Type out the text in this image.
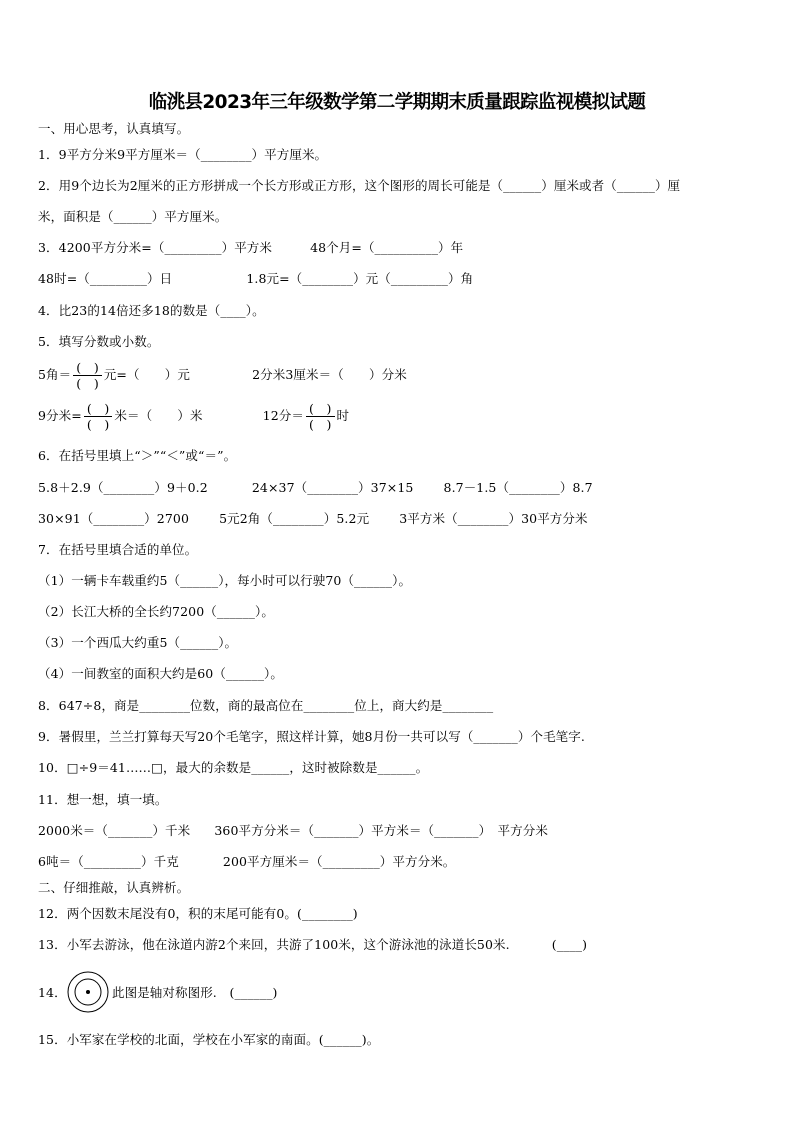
临洮县2023年三年级数学第二学期期末质量跟踪监视模拟试题
一、用心思考，认真填写。
1．9平方分米9平方厘米＝（________）平方厘米。
2．用9个边长为2厘米的正方形拼成一个长方形或正方形，这个图形的周长可能是（______）厘米或者（______）厘
米，面积是（______）平方厘米。
3．4200平方分米=（_________）平方米	48个月=（__________）年
48时=（_________）日	1.8元=（________）元（_________）角
4．比23的14倍还多18的数是（____）。
5．填写分数或小数。
5角＝ $\frac{( )}{( )}$ 元=（　　）元	2分米3厘米＝（　　）分米
9分米= $\frac{( )}{( )}$ 米＝（　　）米	12分＝ $\frac{( )}{( )}$ 时
6．在括号里填上“＞”“＜”或“＝”。
5.8＋2.9（________）9＋0.2	24×37（________）37×15 8.7－1.5（________）8.7
30×91（________）2700 5元2角（________）5.2元 3平方米（________）30平方分米
7．在括号里填合适的单位。
（1）一辆卡车载重约5（______），每小时可以行驶70（______）。
（2）长江大桥的全长约7200（______）。
（3）一个西瓜大约重5（______）。
（4）一间教室的面积大约是60（______）。
8．647÷8，商是________位数，商的最高位在________位上，商大约是________
9．暑假里，兰兰打算每天写20个毛笔字，照这样计算，她8月份一共可以写（_______）个毛笔字.
10．□÷9＝41……□，最大的余数是______，这时被除数是______。
11．想一想，填一填。
2000米＝（_______）千米 360平方分米＝（_______）平方米＝（_______）　平方分米
6吨＝（_________）千克	200平方厘米＝（_________）平方分米。
二、仔细推敲，认真辨析。
12．两个因数末尾没有0，积的末尾可能有0。(________)
13．小军去游泳，他在泳道内游2个来回，共游了100米，这个游泳池的泳道长50米.	(____)
14．	此图是轴对称图形.　(______)
15．小军家在学校的北面，学校在小军家的南面。(______)。
